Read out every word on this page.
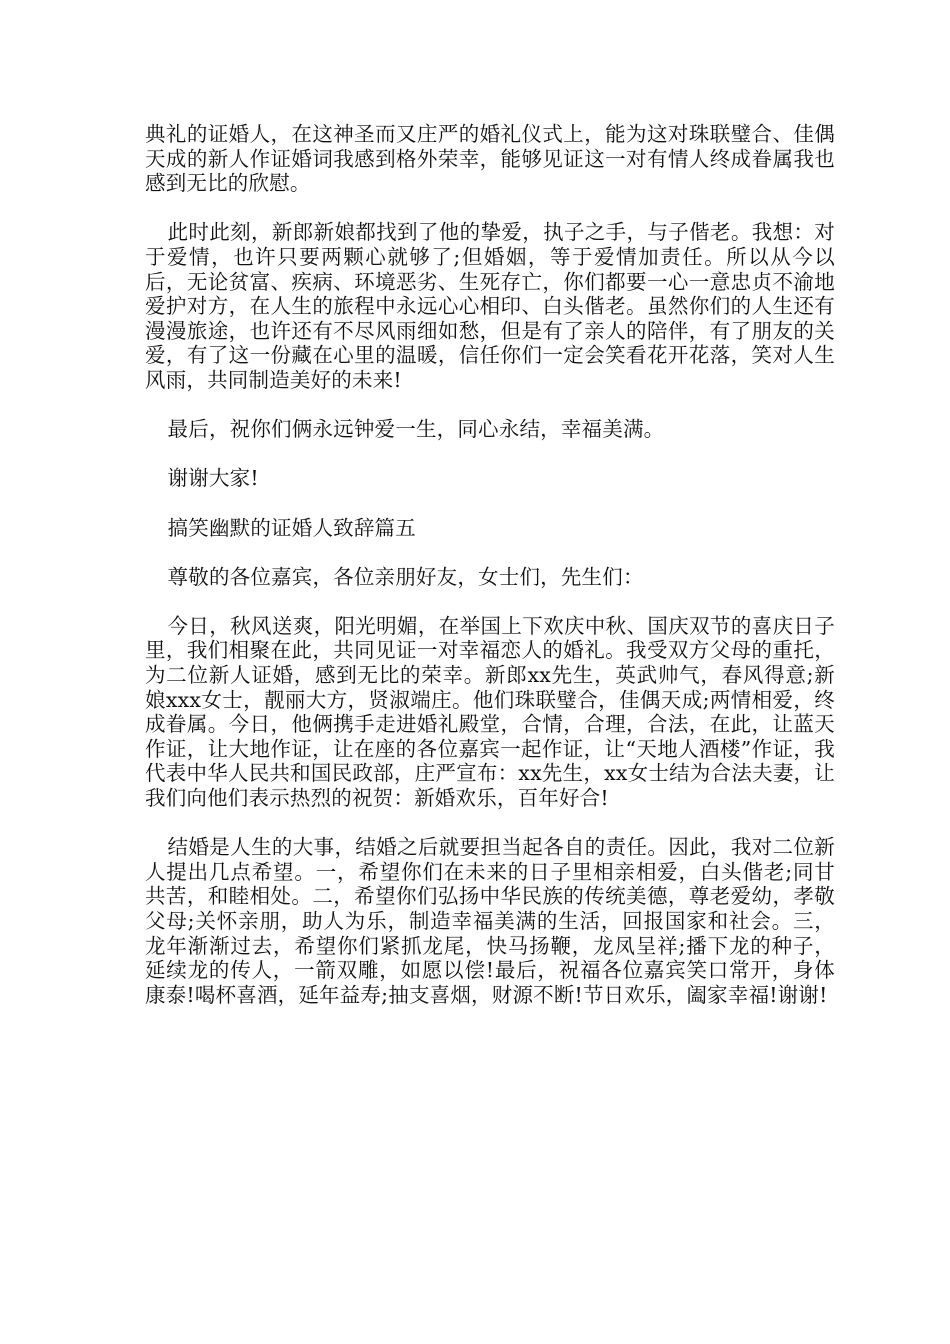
典礼的证婚人，在这神圣而又庄严的婚礼仪式上，能为这对珠联璧合、佳偶天成的新人作证婚词我感到格外荣幸，能够见证这一对有情人终成眷属我也感到无比的欣慰。

此时此刻，新郎新娘都找到了他的挚爱，执子之手，与子偕老。我想：对于爱情，也许只要两颗心就够了;但婚姻，等于爱情加责任。所以从今以后，无论贫富、疾病、环境恶劣、生死存亡，你们都要一心一意忠贞不渝地爱护对方，在人生的旅程中永远心心相印、白头偕老。虽然你们的人生还有漫漫旅途，也许还有不尽风雨细如愁，但是有了亲人的陪伴，有了朋友的关爱，有了这一份藏在心里的温暖，信任你们一定会笑看花开花落，笑对人生风雨，共同制造美好的未来!

最后，祝你们俩永远钟爱一生，同心永结，幸福美满。

谢谢大家!

搞笑幽默的证婚人致辞篇五

尊敬的各位嘉宾，各位亲朋好友，女士们，先生们：

今日，秋风送爽，阳光明媚，在举国上下欢庆中秋、国庆双节的喜庆日子里，我们相聚在此，共同见证一对幸福恋人的婚礼。我受双方父母的重托，为二位新人证婚，感到无比的荣幸。新郎xx先生，英武帅气，春风得意;新娘xxx女士，靓丽大方，贤淑端庄。他们珠联璧合，佳偶天成;两情相爱，终成眷属。今日，他俩携手走进婚礼殿堂，合情，合理，合法，在此，让蓝天作证，让大地作证，让在座的各位嘉宾一起作证，让“天地人酒楼”作证，我代表中华人民共和国民政部，庄严宣布：xx先生，xx女士结为合法夫妻，让我们向他们表示热烈的祝贺：新婚欢乐，百年好合!

结婚是人生的大事，结婚之后就要担当起各自的责任。因此，我对二位新人提出几点希望。一，希望你们在未来的日子里相亲相爱，白头偕老;同甘共苦，和睦相处。二，希望你们弘扬中华民族的传统美德，尊老爱幼，孝敬父母;关怀亲朋，助人为乐，制造幸福美满的生活，回报国家和社会。三，龙年渐渐过去，希望你们紧抓龙尾，快马扬鞭，龙凤呈祥;播下龙的种子，延续龙的传人，一箭双雕，如愿以偿!最后，祝福各位嘉宾笑口常开，身体康泰!喝杯喜酒，延年益寿;抽支喜烟，财源不断!节日欢乐，阖家幸福!谢谢!
